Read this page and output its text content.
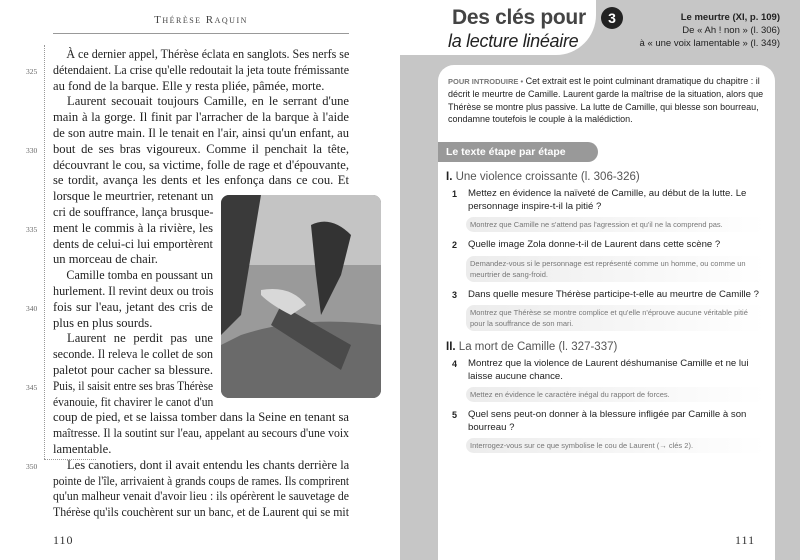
Thérèse Raquin
À ce dernier appel, Thérèse éclata en sanglots. Ses nerfs se
détendaient. La crise qu'elle redoutait la jeta toute frémissante
325
au fond de la barque. Elle y resta pliée, pâmée, morte.
Laurent secouait toujours Camille, en le serrant d'une
main à la gorge. Il finit par l'arracher de la barque à l'aide
de son autre main. Il le tenait en l'air, ainsi qu'un enfant, au
bout de ses bras vigoureux. Comme il penchait la tête,
330
découvrant le cou, sa victime, folle de rage et d'épouvante,
se tordit, avança les dents et les enfonça dans ce cou. Et
lorsque le meurtrier, retenant un
cri de souffrance, lança brusque-
ment le commis à la rivière, les
335
dents de celui-ci lui emportèrent
un morceau de chair.
Camille tomba en poussant un
hurlement. Il revint deux ou trois
fois sur l'eau, jetant des cris de
340
plus en plus sourds.
Laurent ne perdit pas une
seconde. Il releva le collet de son
paletot pour cacher sa blessure.
Puis, il saisit entre ses bras Thérèse
345
évanouie, fit chavirer le canot d'un
coup de pied, et se laissa tomber dans la Seine en tenant sa
maîtresse. Il la soutint sur l'eau, appelant au secours d'une voix
lamentable.
Les canotiers, dont il avait entendu les chants derrière la
350
pointe de l'île, arrivaient à grands coups de rames. Ils comprirent
qu'un malheur venait d'avoir lieu : ils opérèrent le sauvetage de
Thérèse qu'ils couchèrent sur un banc, et de Laurent qui se mit
110
Des clés pour
la lecture linéaire
3	Le meurtre (XI, p. 109)
De « Ah ! non » (l. 306)
à « une voix lamentable » (l. 349)
POUR INTRODUIRE • Cet extrait est le point culminant dramatique du chapitre : il décrit le meurtre de Camille. Laurent garde la maîtrise de la situation, alors que Thérèse se montre plus passive. La lutte de Camille, qui blesse son bourreau, condamne toutefois le couple à la malédiction.
Le texte étape par étape
I. Une violence croissante (l. 306-326)
1 Mettez en évidence la naïveté de Camille, au début de la lutte. Le personnage inspire-t-il la pitié ?
Montrez que Camille ne s'attend pas l'agression et qu'il ne la comprend pas.
2 Quelle image Zola donne-t-il de Laurent dans cette scène ?
Demandez-vous si le personnage est représenté comme un homme, ou comme un meurtrier de sang-froid.
3 Dans quelle mesure Thérèse participe-t-elle au meurtre de Camille ?
Montrez que Thérèse se montre complice et qu'elle n'éprouve aucune véritable pitié pour la souffrance de son mari.
II. La mort de Camille (l. 327-337)
4 Montrez que la violence de Laurent déshumanise Camille et ne lui laisse aucune chance.
Mettez en évidence le caractère inégal du rapport de forces.
5 Quel sens peut-on donner à la blessure infligée par Camille à son bourreau ?
Interrogez-vous sur ce que symbolise le cou de Laurent (→ clés 2).
111
